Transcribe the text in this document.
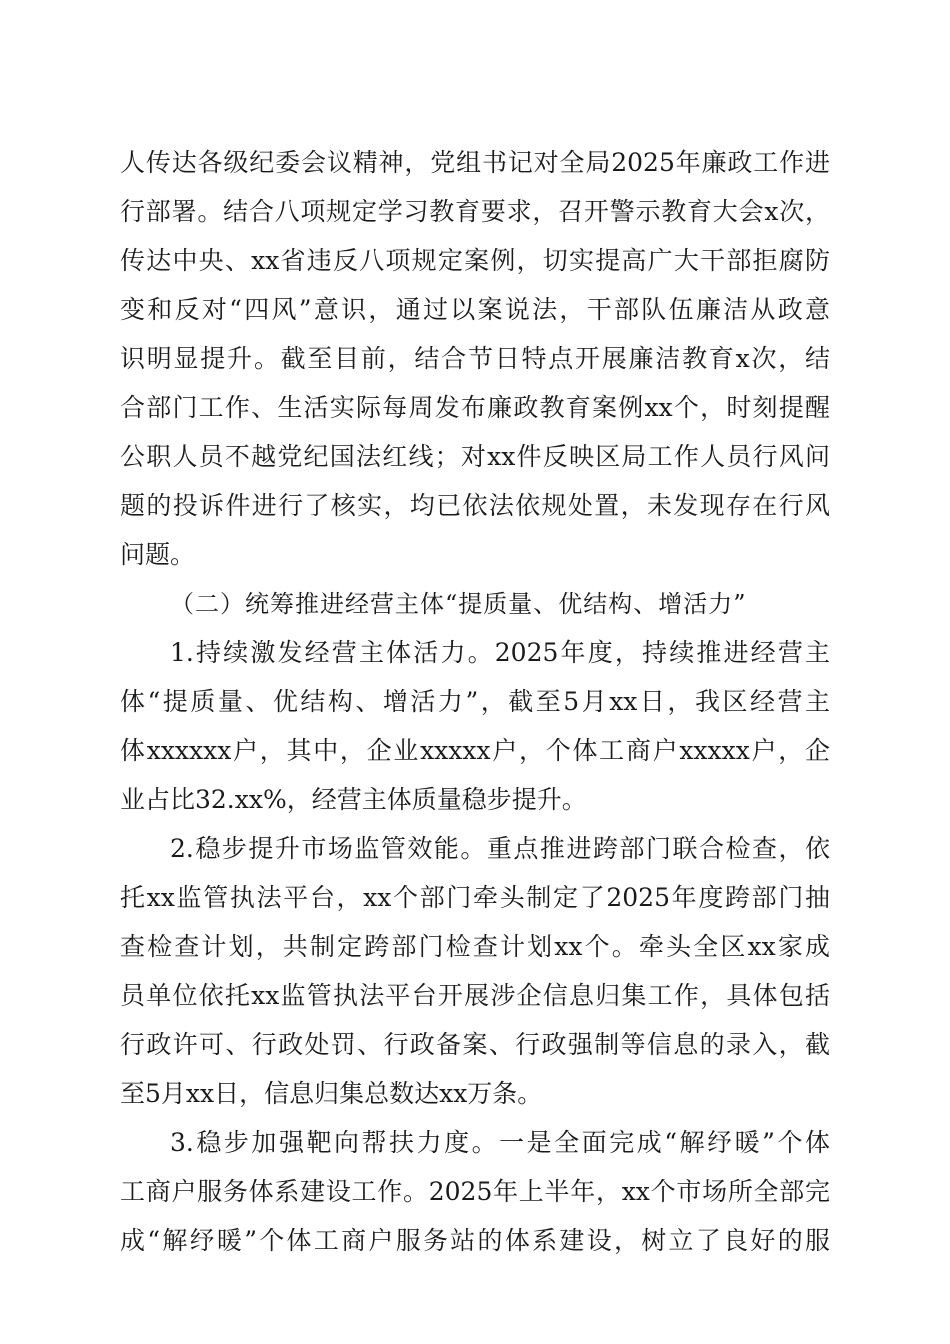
人传达各级纪委会议精神，党组书记对全局2025年廉政工作进
行部署。结合八项规定学习教育要求，召开警示教育大会x次，
传达中央、xx省违反八项规定案例，切实提高广大干部拒腐防
变和反对“四风”意识，通过以案说法，干部队伍廉洁从政意
识明显提升。截至目前，结合节日特点开展廉洁教育x次，结
合部门工作、生活实际每周发布廉政教育案例xx个，时刻提醒
公职人员不越党纪国法红线；对xx件反映区局工作人员行风问
题的投诉件进行了核实，均已依法依规处置，未发现存在行风
问题。
（二）统筹推进经营主体“提质量、优结构、增活力”
1.持续激发经营主体活力。2025年度，持续推进经营主
体“提质量、优结构、增活力”，截至5月xx日，我区经营主
体xxxxxx户，其中，企业xxxxx户，个体工商户xxxxx户，企
业占比32.xx%，经营主体质量稳步提升。
2.稳步提升市场监管效能。重点推进跨部门联合检查，依
托xx监管执法平台，xx个部门牵头制定了2025年度跨部门抽
查检查计划，共制定跨部门检查计划xx个。牵头全区xx家成
员单位依托xx监管执法平台开展涉企信息归集工作，具体包括
行政许可、行政处罚、行政备案、行政强制等信息的录入，截
至5月xx日，信息归集总数达xx万条。
3.稳步加强靶向帮扶力度。一是全面完成“解纾暖”个体
工商户服务体系建设工作。2025年上半年，xx个市场所全部完
成“解纾暖”个体工商户服务站的体系建设，树立了良好的服
